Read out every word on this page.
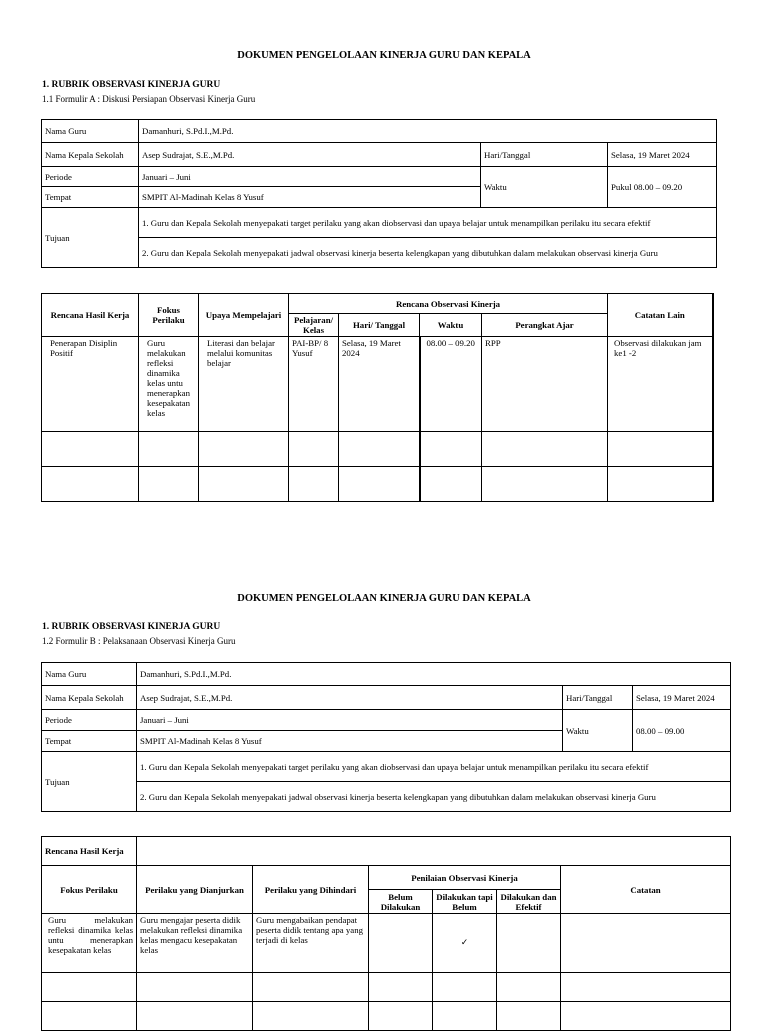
DOKUMEN PENGELOLAAN KINERJA GURU DAN KEPALA
1. RUBRIK OBSERVASI KINERJA GURU
1.1 Formulir A : Diskusi Persiapan Observasi Kinerja Guru
Nama Guru	Damanhuri, S.Pd.I.,M.Pd.		
Nama Kepala Sekolah	Asep Sudrajat, S.E.,M.Pd.	Hari/Tanggal	Selasa, 19 Maret 2024
Periode	Januari – Juni	Waktu	Pukul 08.00 – 09.20
Tempat	SMPIT Al-Madinah Kelas 8 Yusuf		
Tujuan	1. Guru dan Kepala Sekolah menyepakati target perilaku yang akan diobservasi dan upaya belajar untuk menampilkan perilaku itu secara efektif		
	2. Guru dan Kepala Sekolah menyepakati jadwal observasi kinerja beserta kelengkapan yang dibutuhkan dalam melakukan observasi kinerja Guru		
Rencana Hasil Kerja	Fokus Perilaku	Upaya Mempelajari	Rencana Observasi Kinerja				Catatan Lain
			Pelajaran/ Kelas	Hari/ Tanggal	Waktu	Perangkat Ajar	
Penerapan Disiplin Positif	Guru melakukan refleksi dinamika kelas untu menerapkan kesepakatan kelas	Literasi dan belajar melalui komunitas belajar	PAI-BP/ 8 Yusuf	Selasa, 19 Maret 2024	08.00 – 09.20	RPP	Observasi dilakukan jam ke1 -2

DOKUMEN PENGELOLAAN KINERJA GURU DAN KEPALA
1. RUBRIK OBSERVASI KINERJA GURU
1.2 Formulir B : Pelaksanaan Observasi Kinerja Guru
Nama Guru	Damanhuri, S.Pd.I.,M.Pd.		
Nama Kepala Sekolah	Asep Sudrajat, S.E.,M.Pd.	Hari/Tanggal	Selasa, 19 Maret 2024
Periode	Januari – Juni	Waktu	08.00 – 09.00
Tempat	SMPIT Al-Madinah Kelas 8 Yusuf		
Tujuan	1. Guru dan Kepala Sekolah menyepakati target perilaku yang akan diobservasi dan upaya belajar untuk menampilkan perilaku itu secara efektif		
	2. Guru dan Kepala Sekolah menyepakati jadwal observasi kinerja beserta kelengkapan yang dibutuhkan dalam melakukan observasi kinerja Guru		
Rencana Hasil Kerja						
Fokus Perilaku	Perilaku yang Dianjurkan	Perilaku yang Dihindari	Penilaian Observasi Kinerja			Catatan
			Belum Dilakukan	Dilakukan tapi Belum	Dilakukan dan Efektif	
Guru melakukan refleksi dinamika kelas untu menerapkan kesepakatan kelas	Guru mengajar peserta didik melakukan refleksi dinamika kelas mengacu kesepakatan kelas	Guru mengabaikan pendapat peserta didik tentang apa yang terjadi di kelas		✓		
